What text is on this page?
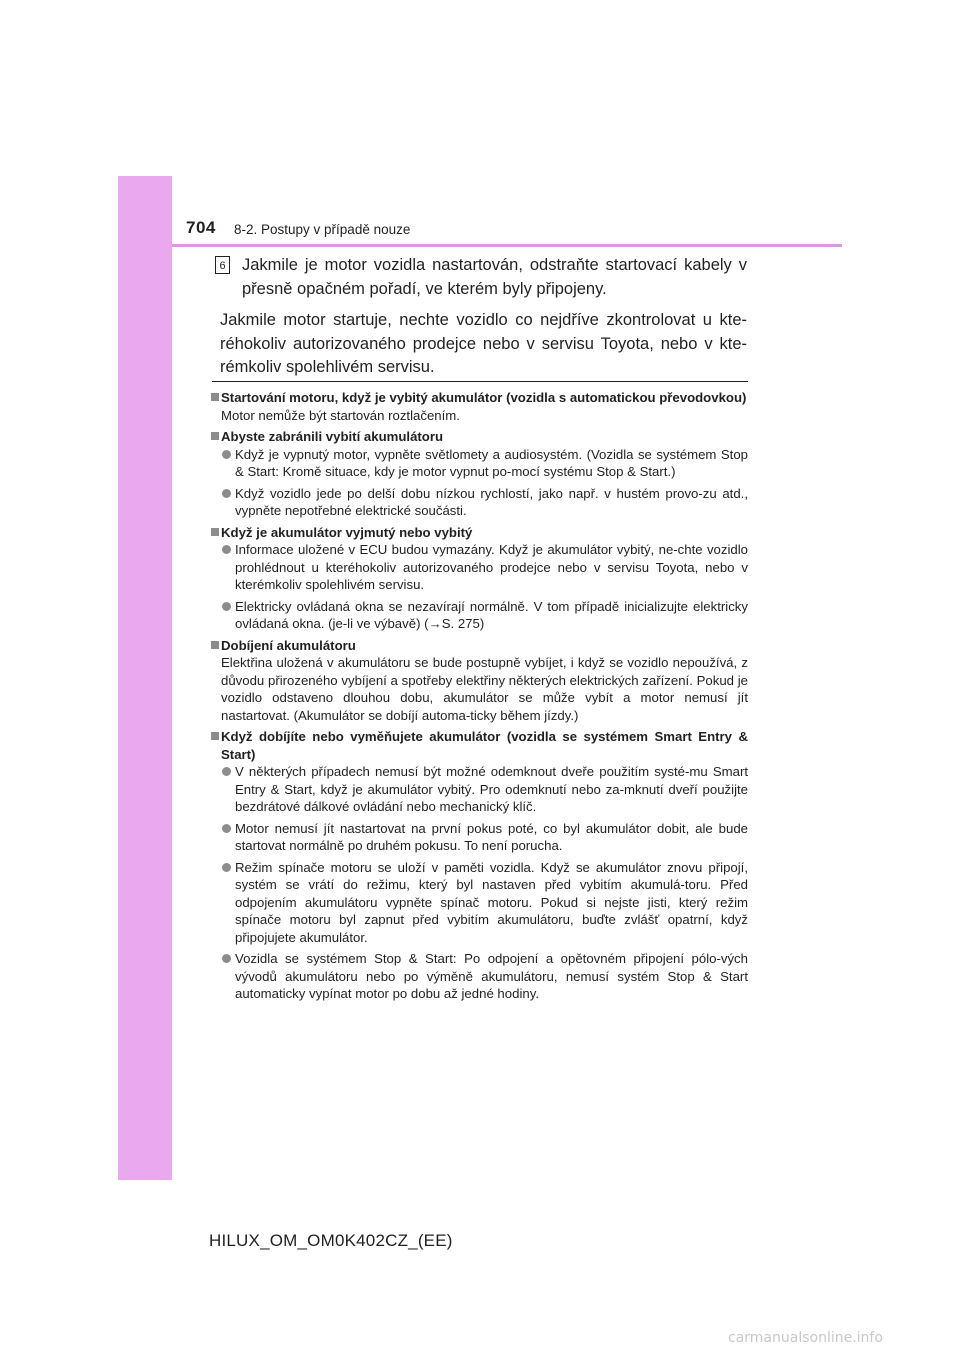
704 8-2. Postupy v případě nouze
6 Jakmile je motor vozidla nastartován, odstraňte startovací kabely v přesně opačném pořadí, ve kterém byly připojeny.
Jakmile motor startuje, nechte vozidlo co nejdříve zkontrolovat u kte-réhokoliv autorizovaného prodejce nebo v servisu Toyota, nebo v kte-rémkoliv spolehlivém servisu.
Startování motoru, když je vybitý akumulátor (vozidla s automatickou převodovkou)
Motor nemůže být startován roztlačením.
Abyste zabránili vybití akumulátoru
Když je vypnutý motor, vypněte světlomety a audiosystém. (Vozidla se systémem Stop & Start: Kromě situace, kdy je motor vypnut po-mocí systému Stop & Start.)
Když vozidlo jede po delší dobu nízkou rychlostí, jako např. v hustém provo-zu atd., vypněte nepotřebné elektrické součásti.
Když je akumulátor vyjmutý nebo vybitý
Informace uložené v ECU budou vymazány. Když je akumulátor vybitý, ne-chte vozidlo prohlédnout u kteréhokoliv autorizovaného prodejce nebo v servisu Toyota, nebo v kterémkoliv spolehlivém servisu.
Elektricky ovládaná okna se nezavírají normálně. V tom případě inicializujte elektricky ovládaná okna. (je-li ve výbavě) (→S. 275)
Dobíjení akumulátoru
Elektřina uložená v akumulátoru se bude postupně vybíjet, i když se vozidlo nepoužívá, z důvodu přirozeného vybíjení a spotřeby elektřiny některých elektrických zařízení. Pokud je vozidlo odstaveno dlouhou dobu, akumulátor se může vybít a motor nemusí jít nastartovat. (Akumulátor se dobíjí automa-ticky během jízdy.)
Když dobíjíte nebo vyměňujete akumulátor (vozidla se systémem Smart Entry & Start)
V některých případech nemusí být možné odemknout dveře použitím systé-mu Smart Entry & Start, když je akumulátor vybitý. Pro odemknutí nebo za-mknutí dveří použijte bezdrátové dálkové ovládání nebo mechanický klíč.
Motor nemusí jít nastartovat na první pokus poté, co byl akumulátor dobit, ale bude startovat normálně po druhém pokusu. To není porucha.
Režim spínače motoru se uloží v paměti vozidla. Když se akumulátor znovu připojí, systém se vrátí do režimu, který byl nastaven před vybitím akumulá-toru. Před odpojením akumulátoru vypněte spínač motoru. Pokud si nejste jisti, který režim spínače motoru byl zapnut před vybitím akumulátoru, buďte zvlášť opatrní, když připojujete akumulátor.
Vozidla se systémem Stop & Start: Po odpojení a opětovném připojení pólo-vých vývodů akumulátoru nebo po výměně akumulátoru, nemusí systém Stop & Start automaticky vypínat motor po dobu až jedné hodiny.
HILUX_OM_OM0K402CZ_(EE)
carmanualsonline.info
